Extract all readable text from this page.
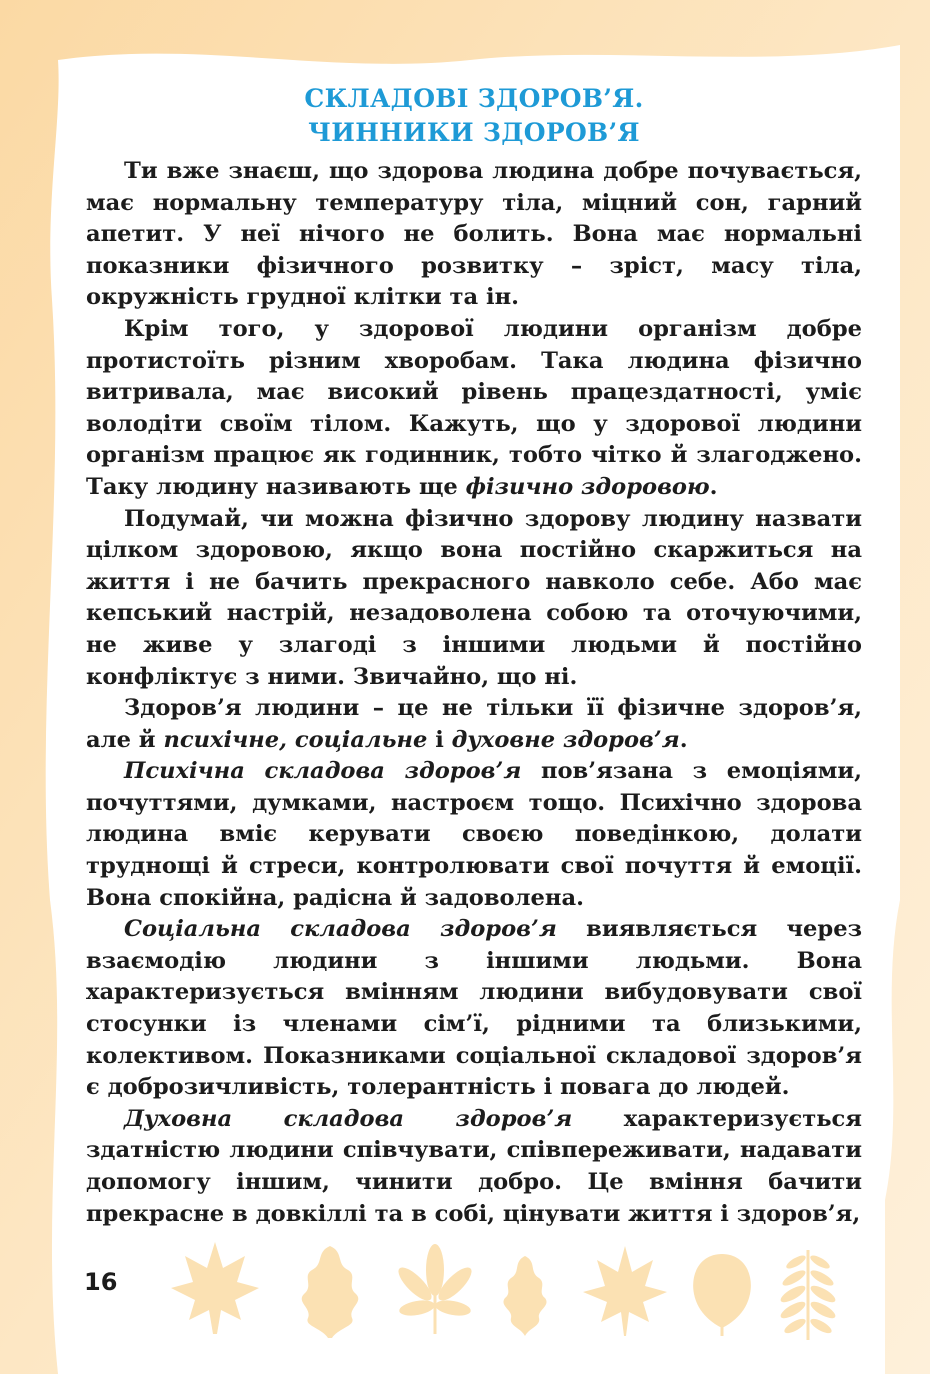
СКЛАДОВІ ЗДОРОВ’Я.
ЧИННИКИ ЗДОРОВ’Я

Ти вже знаєш, що здорова людина добре почувається, має нормальну температуру тіла, міцний сон, гарний апетит. У неї нічого не болить. Вона має нормальні показники фізичного розвитку – зріст, масу тіла, окружність грудної клітки та ін.

Крім того, у здорової людини організм добре протистоїть різним хворобам. Така людина фізично витривала, має високий рівень працездатності, уміє володіти своїм тілом. Кажуть, що у здорової людини організм працює як годинник, тобто чітко й злагоджено. Таку людину називають ще фізично здоровою.

Подумай, чи можна фізично здорову людину назвати цілком здоровою, якщо вона постійно скаржиться на життя і не бачить прекрасного навколо себе. Або має кепський настрій, незадоволена собою та оточуючими, не живе у злагоді з іншими людьми й постійно конфліктує з ними. Звичайно, що ні.

Здоров’я людини – це не тільки її фізичне здоров’я, але й психічне, соціальне і духовне здоров’я.

Психічна складова здоров’я пов’язана з емоціями, почуттями, думками, настроєм тощо. Психічно здорова людина вміє керувати своєю поведінкою, долати труднощі й стреси, контролювати свої почуття й емоції. Вона спокійна, радісна й задоволена.

Соціальна складова здоров’я виявляється через взаємодію людини з іншими людьми. Вона характеризується вмінням людини вибудовувати свої стосунки із членами сім’ї, рідними та близькими, колективом. Показниками соціальної складової здоров’я є доброзичливість, толерантність і повага до людей.

Духовна складова здоров’я характеризується здатністю людини співчувати, співпереживати, надавати допомогу іншим, чинити добро. Це вміння бачити прекрасне в довкіллі та в собі, цінувати життя і здоров’я,

16
